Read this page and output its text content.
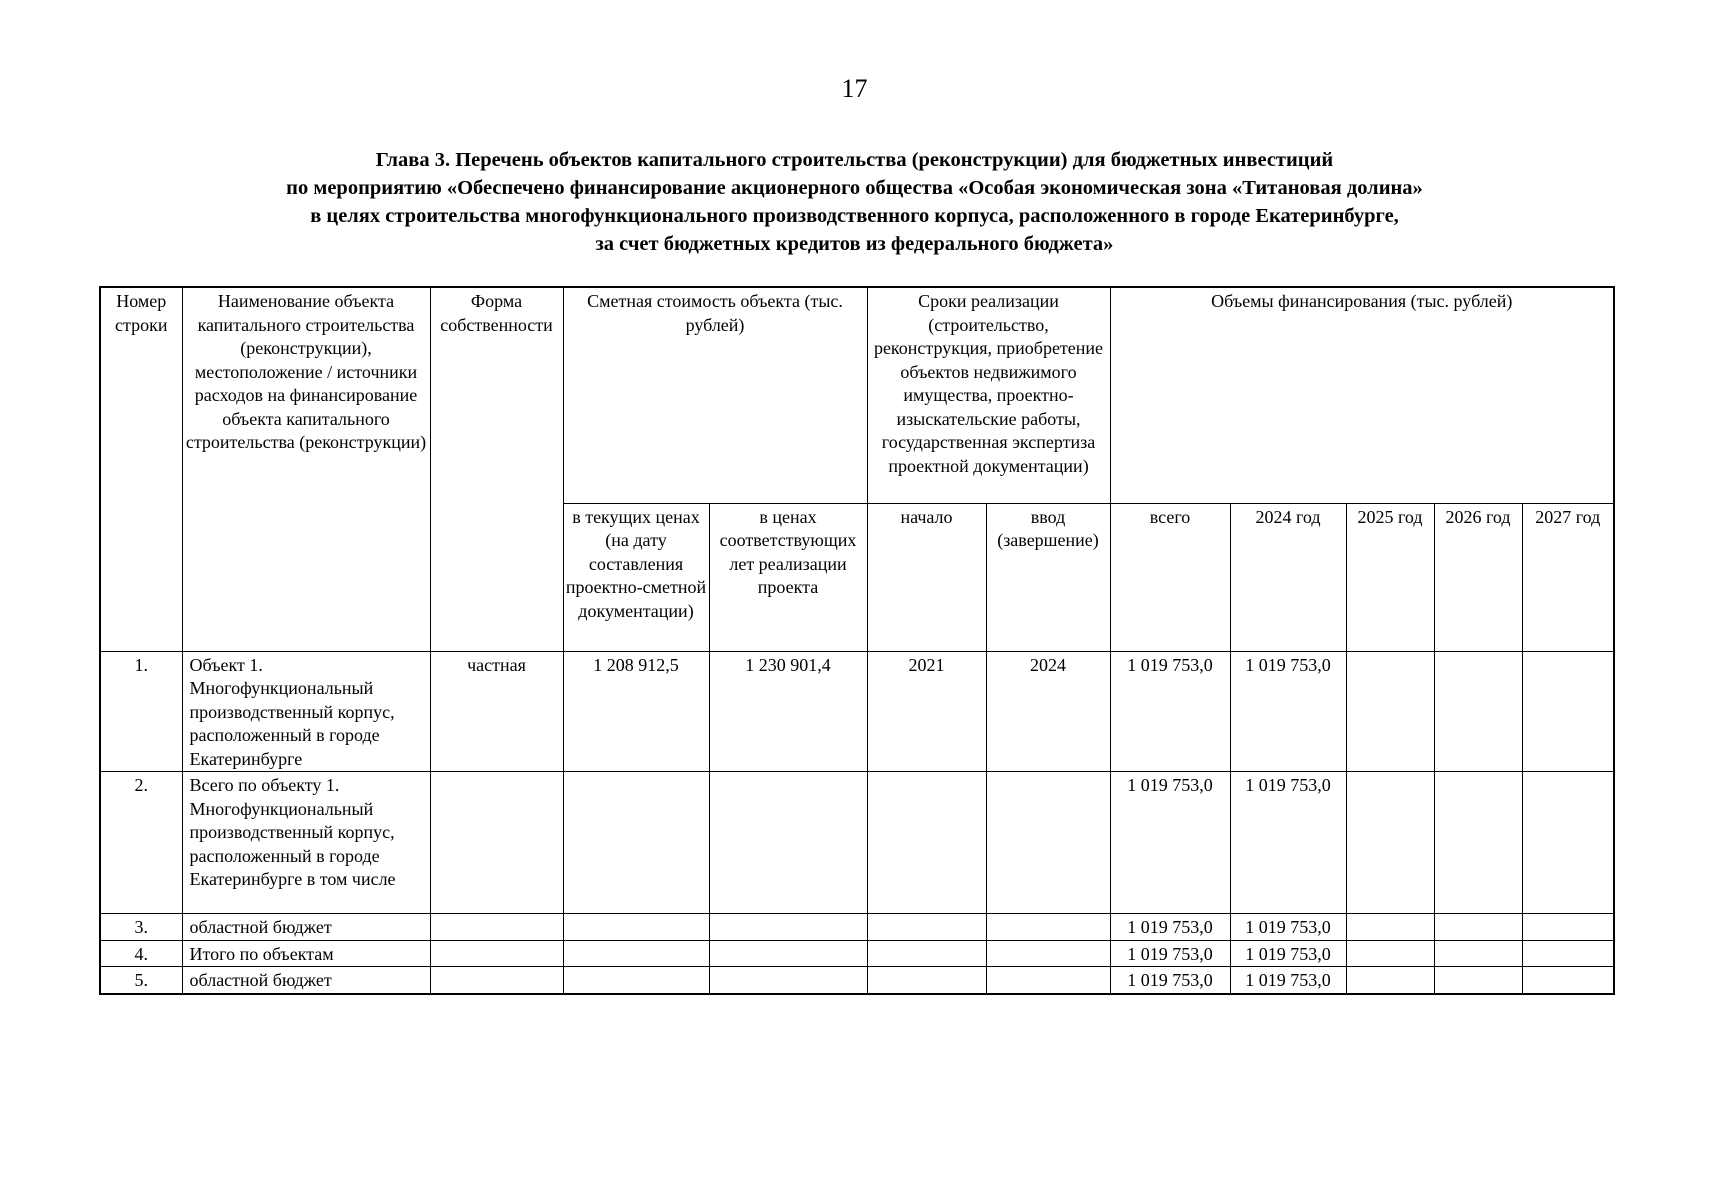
17
Глава 3. Перечень объектов капитального строительства (реконструкции) для бюджетных инвестиций
по мероприятию «Обеспечено финансирование акционерного общества «Особая экономическая зона «Титановая долина»
в целях строительства многофункционального производственного корпуса, расположенного в городе Екатеринбурге,
за счет бюджетных кредитов из федерального бюджета»
Номер строки	Наименование объекта капитального строительства (реконструкции), местоположение / источники расходов на финансирование объекта капитального строительства (реконструкции)	Форма собственности	Сметная стоимость объекта (тыс. рублей)		Сроки реализации (строительство, реконструкция, приобретение объектов недвижимого имущества, проектно-изыскательские работы, государственная экспертиза проектной документации)		Объемы финансирования (тыс. рублей)				
			в текущих ценах (на дату составления проектно-сметной документации)	в ценах соответствующих лет реализации проекта	начало	ввод (завершение)	всего	2024 год	2025 год	2026 год	2027 год
1.	Объект 1. Многофункциональный производственный корпус, расположенный в городе Екатеринбурге	частная	1 208 912,5	1 230 901,4	2021	2024	1 019 753,0	1 019 753,0			
2.	Всего по объекту 1. Многофункциональный производственный корпус, расположенный в городе Екатеринбурге в том числе						1 019 753,0	1 019 753,0			
3.	областной бюджет						1 019 753,0	1 019 753,0			
4.	Итого по объектам						1 019 753,0	1 019 753,0			
5.	областной бюджет						1 019 753,0	1 019 753,0			
